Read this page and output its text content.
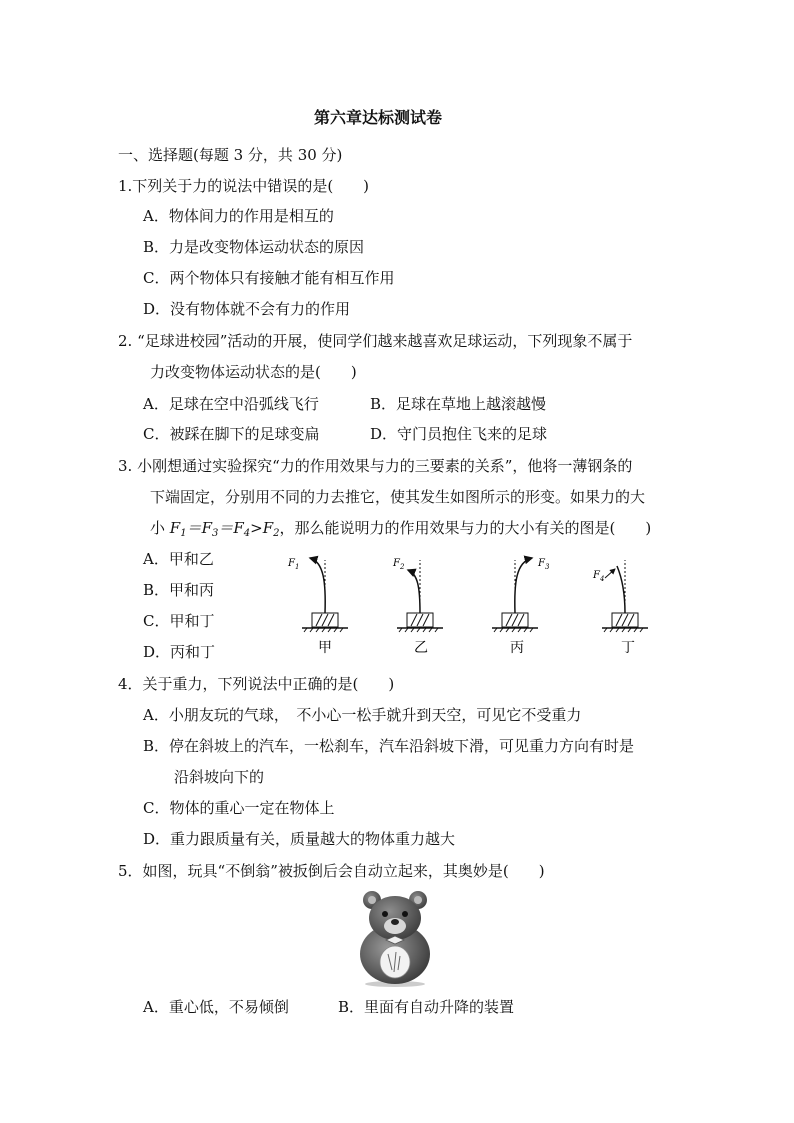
第六章达标测试卷
一、选择题(每题 3 分，共 30 分)
1.下列关于力的说法中错误的是(　　)
A．物体间力的作用是相互的
B．力是改变物体运动状态的原因
C．两个物体只有接触才能有相互作用
D．没有物体就不会有力的作用
2. “足球进校园”活动的开展，使同学们越来越喜欢足球运动，下列现象不属于
力改变物体运动状态的是(　　)
A．足球在空中沿弧线飞行	B．足球在草地上越滚越慢
C．被踩在脚下的足球变扁	D．守门员抱住飞来的足球
3. 小刚想通过实验探究“力的作用效果与力的三要素的关系”，他将一薄钢条的
下端固定，分别用不同的力去推它，使其发生如图所示的形变。如果力的大
小 $F_1=F_3=F_4>F_2$，那么能说明力的作用效果与力的大小有关的图是(　　)
A．甲和乙
B．甲和丙
C．甲和丁
D．丙和丁
$F_1$
甲
$F_2$
乙
$F_3$
丙
$F_4$
丁
4．关于重力，下列说法中正确的是(　　)
A．小朋友玩的气球，　不小心一松手就升到天空，可见它不受重力
B．停在斜坡上的汽车，一松刹车，汽车沿斜坡下滑，可见重力方向有时是
沿斜坡向下的
C．物体的重心一定在物体上
D．重力跟质量有关，质量越大的物体重力越大
5．如图，玩具“不倒翁”被扳倒后会自动立起来，其奥妙是(　　)
A．重心低，不易倾倒	B．里面有自动升降的装置
